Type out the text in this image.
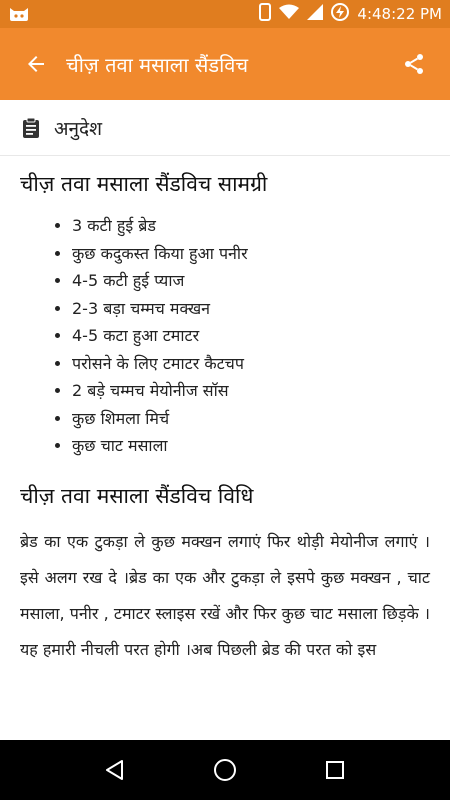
4:48:22 PM
चीज़ तवा मसाला सैंडविच
अनुदेश
चीज़ तवा मसाला सैंडविच सामग्री
• 3 कटी हुई ब्रेड
• कुछ कदुकस्त किया हुआ पनीर
• 4-5 कटी हुई प्याज
• 2-3 बड़ा चम्मच मक्खन
• 4-5 कटा हुआ टमाटर
• परोसने के लिए टमाटर कैटचप
• 2 बड़े चम्मच मेयोनीज सॉस
• कुछ शिमला मिर्च
• कुछ चाट मसाला
चीज़ तवा मसाला सैंडविच विधि

ब्रेड का एक टुकड़ा ले कुछ मक्खन लगाएं फिर थोड़ी मेयोनीज लगाएं । इसे अलग रख दे ।ब्रेड का एक और टुकड़ा ले इसपे कुछ मक्खन , चाट मसाला, पनीर , टमाटर स्लाइस रखें और फिर कुछ चाट मसाला छिड़के । यह हमारी नीचली परत होगी ।अब पिछली ब्रेड की परत को इस
